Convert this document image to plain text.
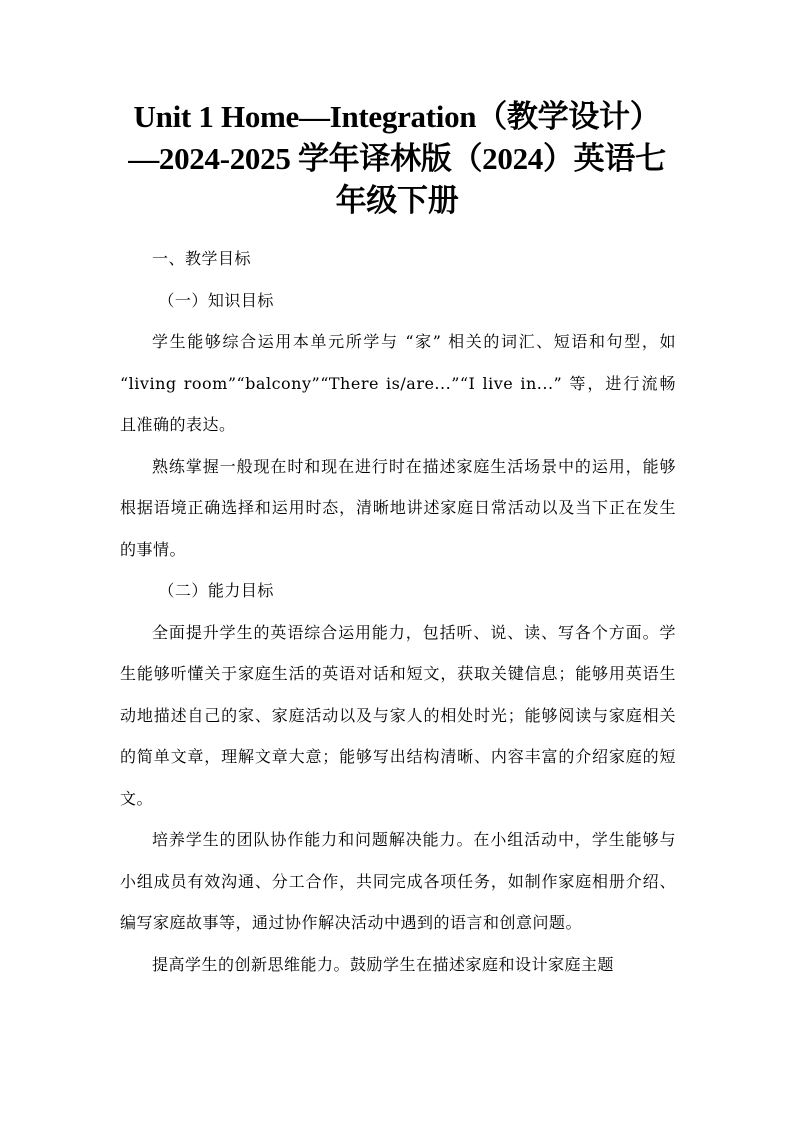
Unit 1 Home—Integration（教学设计）
—2024-2025 学年译林版（2024）英语七
年级下册

一、教学目标

（一）知识目标

学生能够综合运用本单元所学与 “家” 相关的词汇、短语和句型，如 “living room”“balcony”“There is/are...”“I live in...” 等，进行流畅且准确的表达。

熟练掌握一般现在时和现在进行时在描述家庭生活场景中的运用，能够根据语境正确选择和运用时态，清晰地讲述家庭日常活动以及当下正在发生的事情。

（二）能力目标

全面提升学生的英语综合运用能力，包括听、说、读、写各个方面。学生能够听懂关于家庭生活的英语对话和短文，获取关键信息；能够用英语生动地描述自己的家、家庭活动以及与家人的相处时光；能够阅读与家庭相关的简单文章，理解文章大意；能够写出结构清晰、内容丰富的介绍家庭的短文。

培养学生的团队协作能力和问题解决能力。在小组活动中，学生能够与小组成员有效沟通、分工合作，共同完成各项任务，如制作家庭相册介绍、编写家庭故事等，通过协作解决活动中遇到的语言和创意问题。

提高学生的创新思维能力。鼓励学生在描述家庭和设计家庭主题
